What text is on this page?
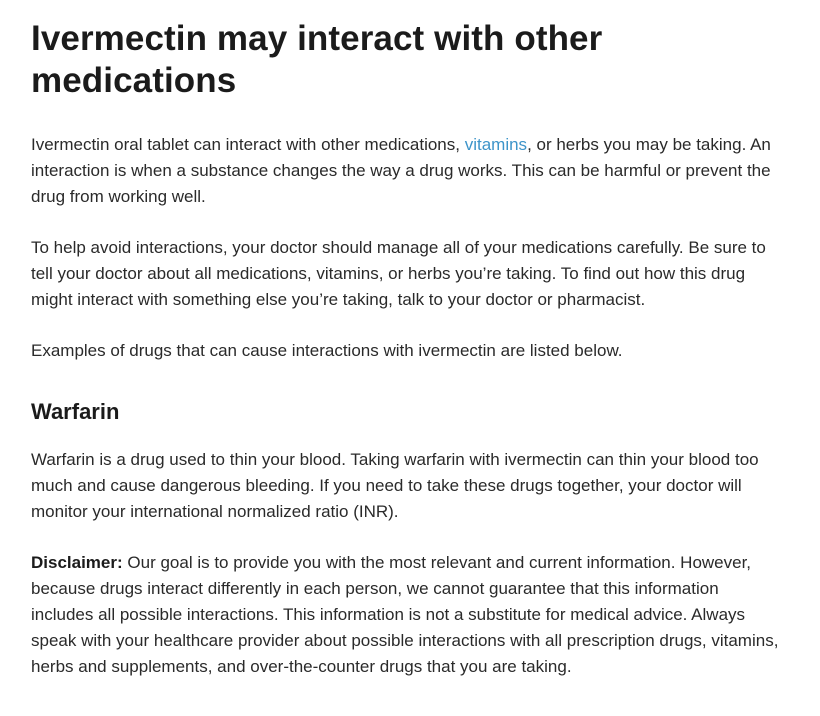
Ivermectin may interact with other medications

Ivermectin oral tablet can interact with other medications, vitamins, or herbs you may be taking. An interaction is when a substance changes the way a drug works. This can be harmful or prevent the drug from working well.

To help avoid interactions, your doctor should manage all of your medications carefully. Be sure to tell your doctor about all medications, vitamins, or herbs you’re taking. To find out how this drug might interact with something else you’re taking, talk to your doctor or pharmacist.

Examples of drugs that can cause interactions with ivermectin are listed below.

Warfarin

Warfarin is a drug used to thin your blood. Taking warfarin with ivermectin can thin your blood too much and cause dangerous bleeding. If you need to take these drugs together, your doctor will monitor your international normalized ratio (INR).

Disclaimer: Our goal is to provide you with the most relevant and current information. However, because drugs interact differently in each person, we cannot guarantee that this information includes all possible interactions. This information is not a substitute for medical advice. Always speak with your healthcare provider about possible interactions with all prescription drugs, vitamins, herbs and supplements, and over-the-counter drugs that you are taking.
